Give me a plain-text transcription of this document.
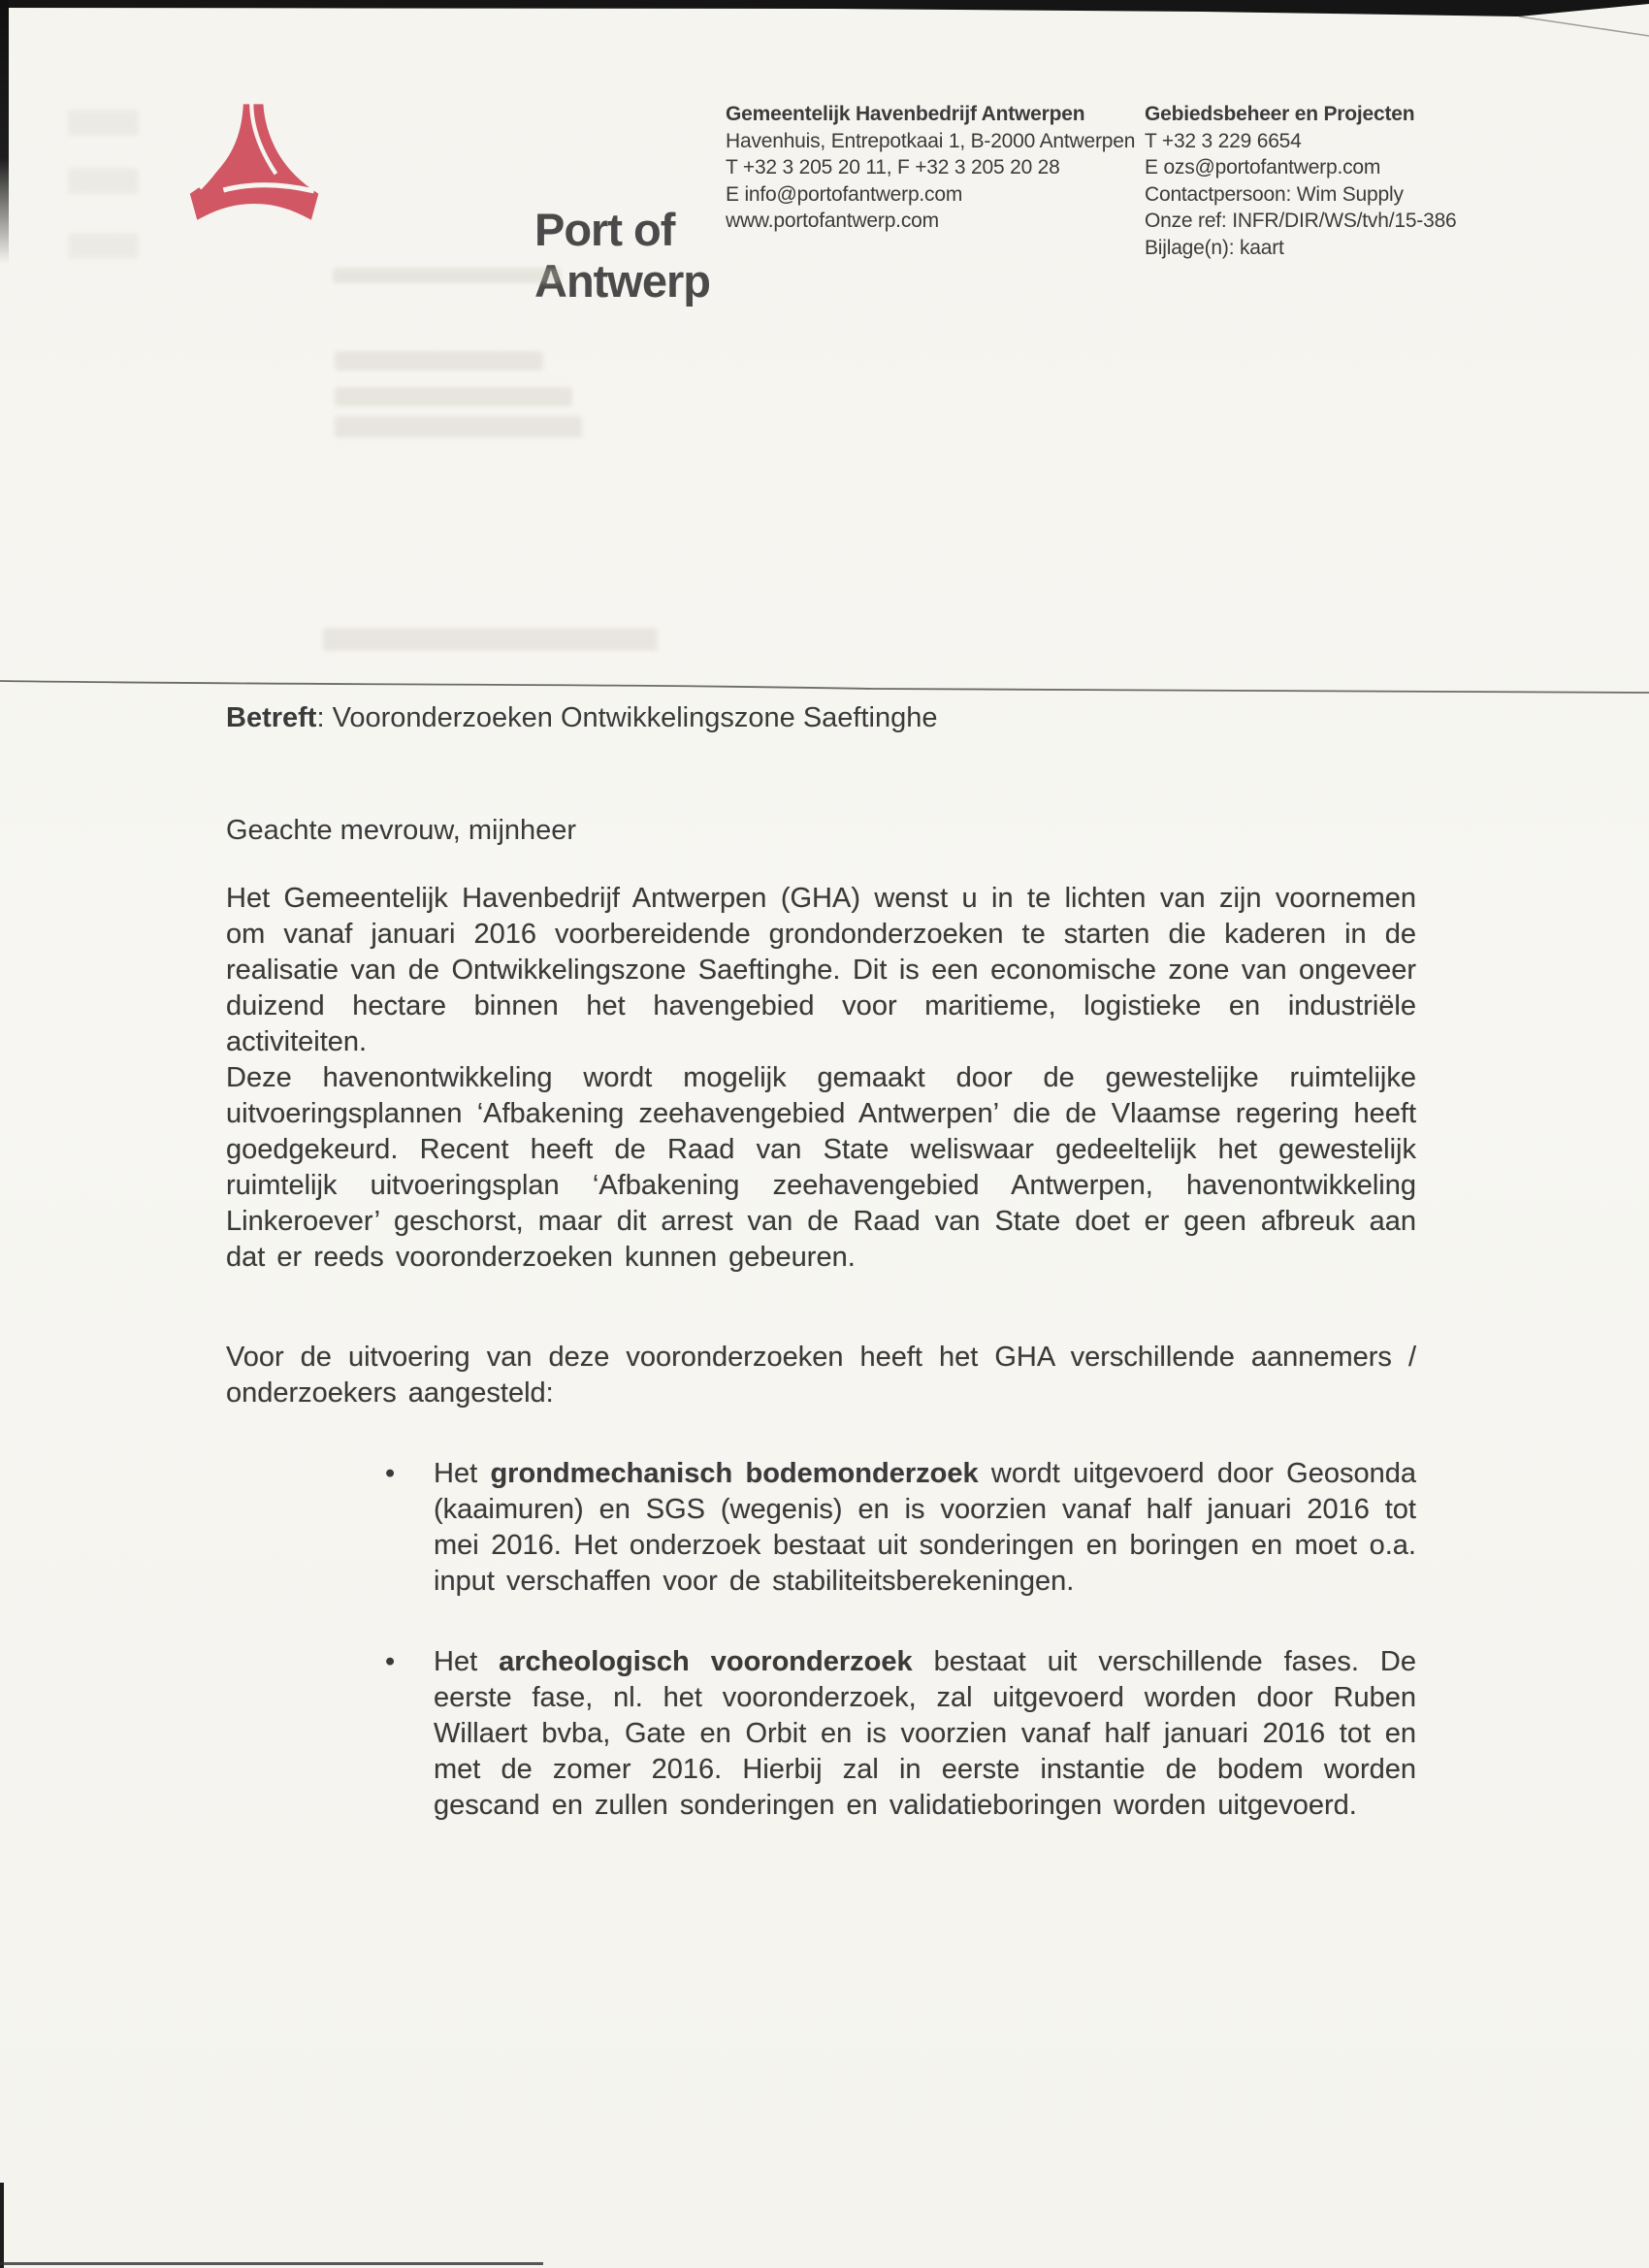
Port of
Antwerp
Gemeentelijk Havenbedrijf Antwerpen
Havenhuis, Entrepotkaai 1, B-2000 Antwerpen
T +32 3 205 20 11, F +32 3 205 20 28
E info@portofantwerp.com
www.portofantwerp.com
Gebiedsbeheer en Projecten
T +32 3 229 6654
E ozs@portofantwerp.com
Contactpersoon: Wim Supply
Onze ref: INFR/DIR/WS/tvh/15-386
Bijlage(n): kaart
Betreft: Vooronderzoeken Ontwikkelingszone Saeftinghe
Geachte mevrouw, mijnheer

Het Gemeentelijk Havenbedrijf Antwerpen (GHA) wenst u in te lichten van zijn voornemen om vanaf januari 2016 voorbereidende grondonderzoeken te starten die kaderen in de realisatie van de Ontwikkelingszone Saeftinghe. Dit is een economische zone van ongeveer duizend hectare binnen het havengebied voor maritieme, logistieke en industriële activiteiten.

Deze havenontwikkeling wordt mogelijk gemaakt door de gewestelijke ruimtelijke uitvoeringsplannen ‘Afbakening zeehavengebied Antwerpen’ die de Vlaamse regering heeft goedgekeurd. Recent heeft de Raad van State weliswaar gedeeltelijk het gewestelijk ruimtelijk uitvoeringsplan ‘Afbakening zeehavengebied Antwerpen, havenontwikkeling Linkeroever’ geschorst, maar dit arrest van de Raad van State doet er geen afbreuk aan dat er reeds vooronderzoeken kunnen gebeuren.

Voor de uitvoering van deze vooronderzoeken heeft het GHA verschillende aannemers / onderzoekers aangesteld:

• Het grondmechanisch bodemonderzoek wordt uitgevoerd door Geosonda (kaaimuren) en SGS (wegenis) en is voorzien vanaf half januari 2016 tot mei 2016. Het onderzoek bestaat uit sonderingen en boringen en moet o.a. input verschaffen voor de stabiliteitsberekeningen.
• Het archeologisch vooronderzoek bestaat uit verschillende fases. De eerste fase, nl. het vooronderzoek, zal uitgevoerd worden door Ruben Willaert bvba, Gate en Orbit en is voorzien vanaf half januari 2016 tot en met de zomer 2016. Hierbij zal in eerste instantie de bodem worden gescand en zullen sonderingen en validatieboringen worden uitgevoerd.
